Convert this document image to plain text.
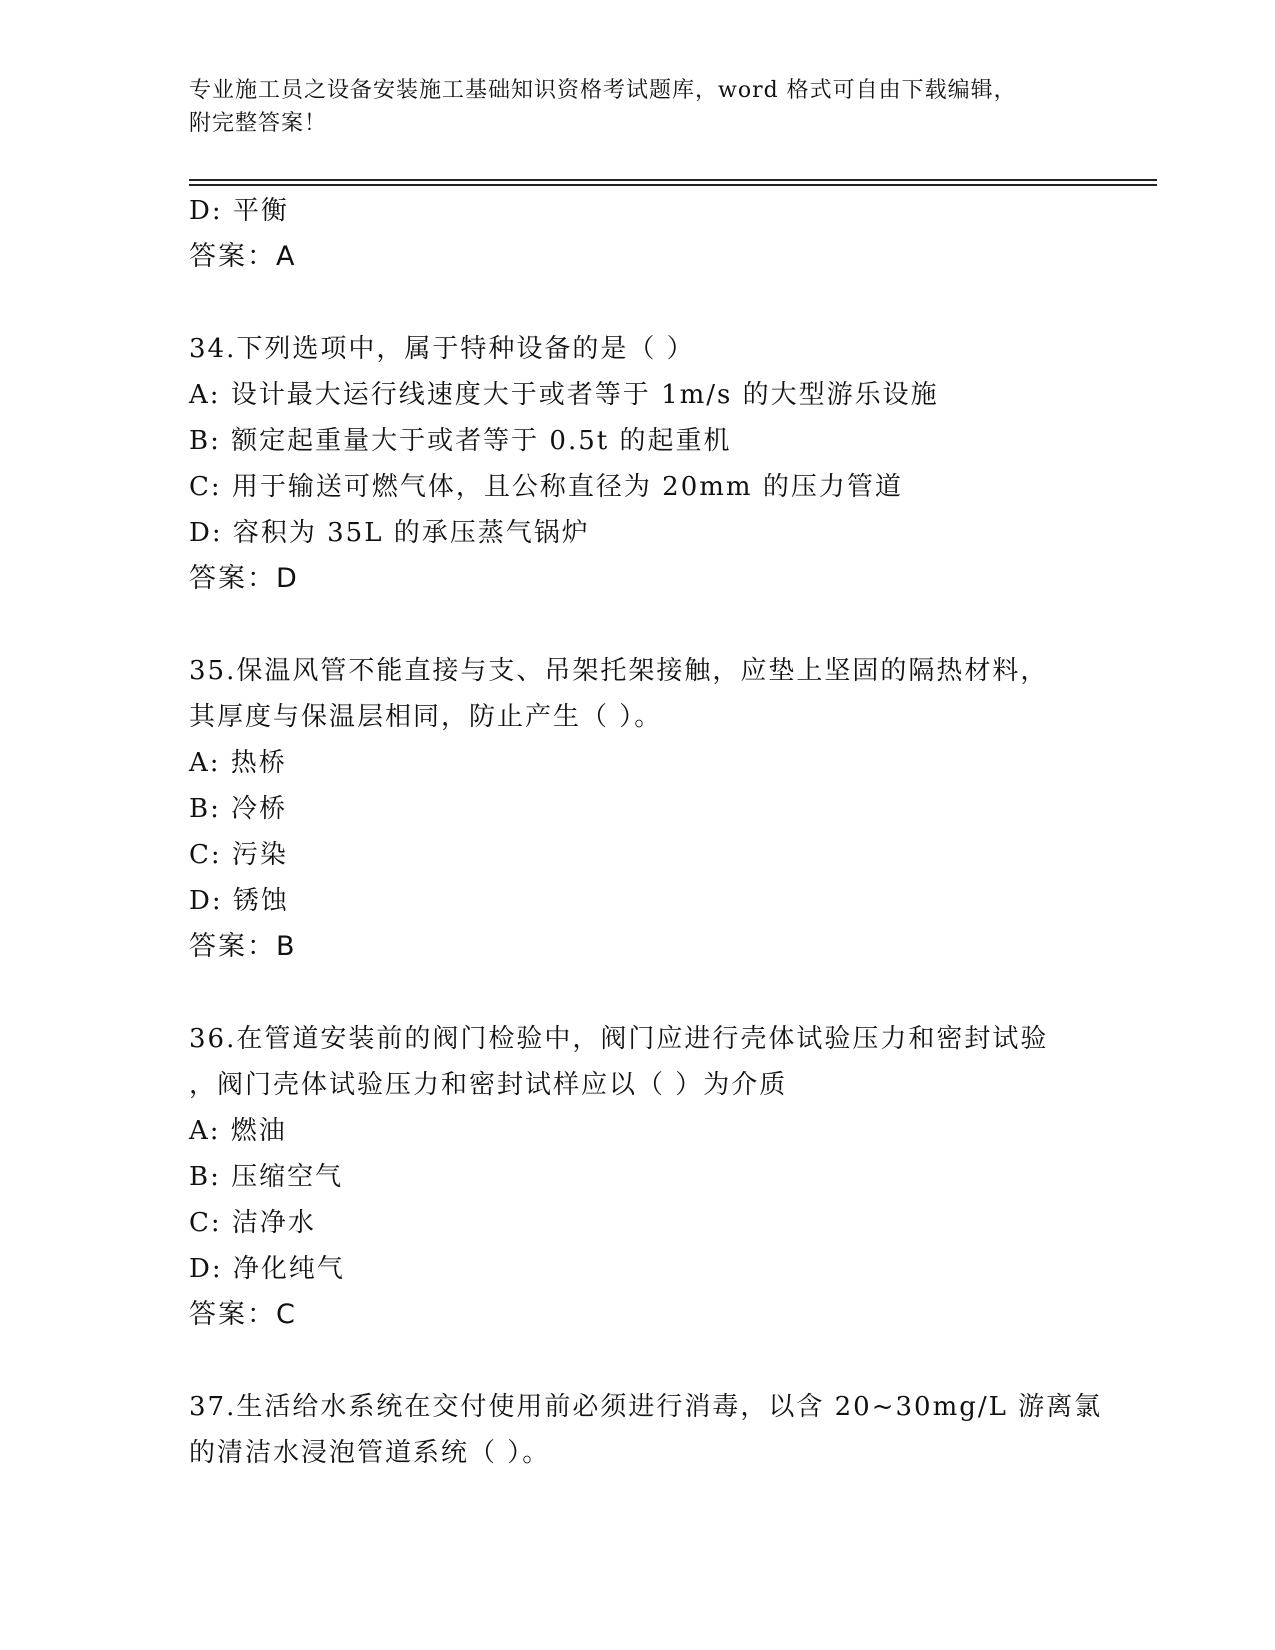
专业施工员之设备安装施工基础知识资格考试题库，word 格式可自由下载编辑，
附完整答案！
D: 平衡
答案：A
34.下列选项中，属于特种设备的是（ ）
A: 设计最大运行线速度大于或者等于 1m/s 的大型游乐设施
B: 额定起重量大于或者等于 0.5t 的起重机
C: 用于输送可燃气体，且公称直径为 20mm 的压力管道
D: 容积为 35L 的承压蒸气锅炉
答案：D
35.保温风管不能直接与支、吊架托架接触，应垫上坚固的隔热材料，
其厚度与保温层相同，防止产生（ ）。
A: 热桥
B: 冷桥
C: 污染
D: 锈蚀
答案：B
36.在管道安装前的阀门检验中，阀门应进行壳体试验压力和密封试验
，阀门壳体试验压力和密封试样应以（ ）为介质
A: 燃油
B: 压缩空气
C: 洁净水
D: 净化纯气
答案：C
37.生活给水系统在交付使用前必须进行消毒，以含 20~30mg/L 游离氯
的清洁水浸泡管道系统（ ）。
